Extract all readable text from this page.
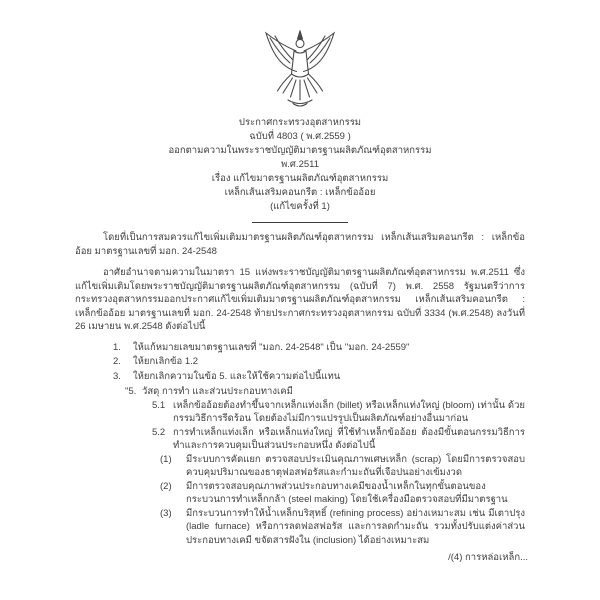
ประกาศกระทรวงอุตสาหกรรม
ฉบับที่ 4803 ( พ.ศ.2559 )
ออกตามความในพระราชบัญญัติมาตรฐานผลิตภัณฑ์อุตสาหกรรม
พ.ศ.2511
เรื่อง แก้ไขมาตรฐานผลิตภัณฑ์อุตสาหกรรม
เหล็กเส้นเสริมคอนกรีต : เหล็กข้ออ้อย
(แก้ไขครั้งที่ 1)

โดยที่เป็นการสมควรแก้ไขเพิ่มเติมมาตรฐานผลิตภัณฑ์อุตสาหกรรม เหล็กเส้นเสริมคอนกรีต : เหล็กข้ออ้อย มาตรฐานเลขที่ มอก. 24-2548

อาศัยอำนาจตามความในมาตรา 15 แห่งพระราชบัญญัติมาตรฐานผลิตภัณฑ์อุตสาหกรรม พ.ศ.2511 ซึ่งแก้ไขเพิ่มเติมโดยพระราชบัญญัติมาตรฐานผลิตภัณฑ์อุตสาหกรรม (ฉบับที่ 7) พ.ศ. 2558 รัฐมนตรีว่าการกระทรวงอุตสาหกรรมออกประกาศแก้ไขเพิ่มเติมมาตรฐานผลิตภัณฑ์อุตสาหกรรม เหล็กเส้นเสริมคอนกรีต : เหล็กข้ออ้อย มาตรฐานเลขที่ มอก. 24-2548 ท้ายประกาศกระทรวงอุตสาหกรรม ฉบับที่ 3334 (พ.ศ.2548) ลงวันที่ 26 เมษายน พ.ศ.2548 ดังต่อไปนี้

1.	ให้แก้หมายเลขมาตรฐานเลขที่ "มอก. 24-2548" เป็น "มอก. 24-2559"
2.	ให้ยกเลิกข้อ 1.2
3.	ให้ยกเลิกความในข้อ 5. และให้ใช้ความต่อไปนี้แทน
"5. วัสดุ การทำ และส่วนประกอบทางเคมี
5.1 เหล็กข้ออ้อยต้องทำขึ้นจากเหล็กแท่งเล็ก (billet) หรือเหล็กแท่งใหญ่ (bloom) เท่านั้น ด้วยกรรมวิธีการรีดร้อน โดยต้องไม่มีการแปรรูปเป็นผลิตภัณฑ์อย่างอื่นมาก่อน
5.2 การทำเหล็กแท่งเล็ก หรือเหล็กแท่งใหญ่ ที่ใช้ทำเหล็กข้ออ้อย ต้องมีขั้นตอนกรรมวิธีการทำและการควบคุมเป็นส่วนประกอบหนึ่ง ดังต่อไปนี้
(1)	มีระบบการคัดแยก ตรวจสอบประเมินคุณภาพเศษเหล็ก (scrap) โดยมีการตรวจสอบควบคุมปริมาณของธาตุฟอสฟอรัสและกำมะถันที่เจือปนอย่างเข้มงวด
(2)	มีการตรวจสอบคุณภาพส่วนประกอบทางเคมีของน้ำเหล็กในทุกขั้นตอนของกระบวนการทำเหล็กกล้า (steel making) โดยใช้เครื่องมือตรวจสอบที่มีมาตรฐาน
(3)	มีกระบวนการทำให้น้ำเหล็กบริสุทธิ์ (refining process) อย่างเหมาะสม เช่น มีเตาปรุง (ladle furnace) หรือการลดฟอสฟอรัส และการลดกำมะถัน รวมทั้งปรับแต่งค่าส่วนประกอบทางเคมี ขจัดสารฝังใน (inclusion) ได้อย่างเหมาะสม
/(4) การหล่อเหล็ก...
